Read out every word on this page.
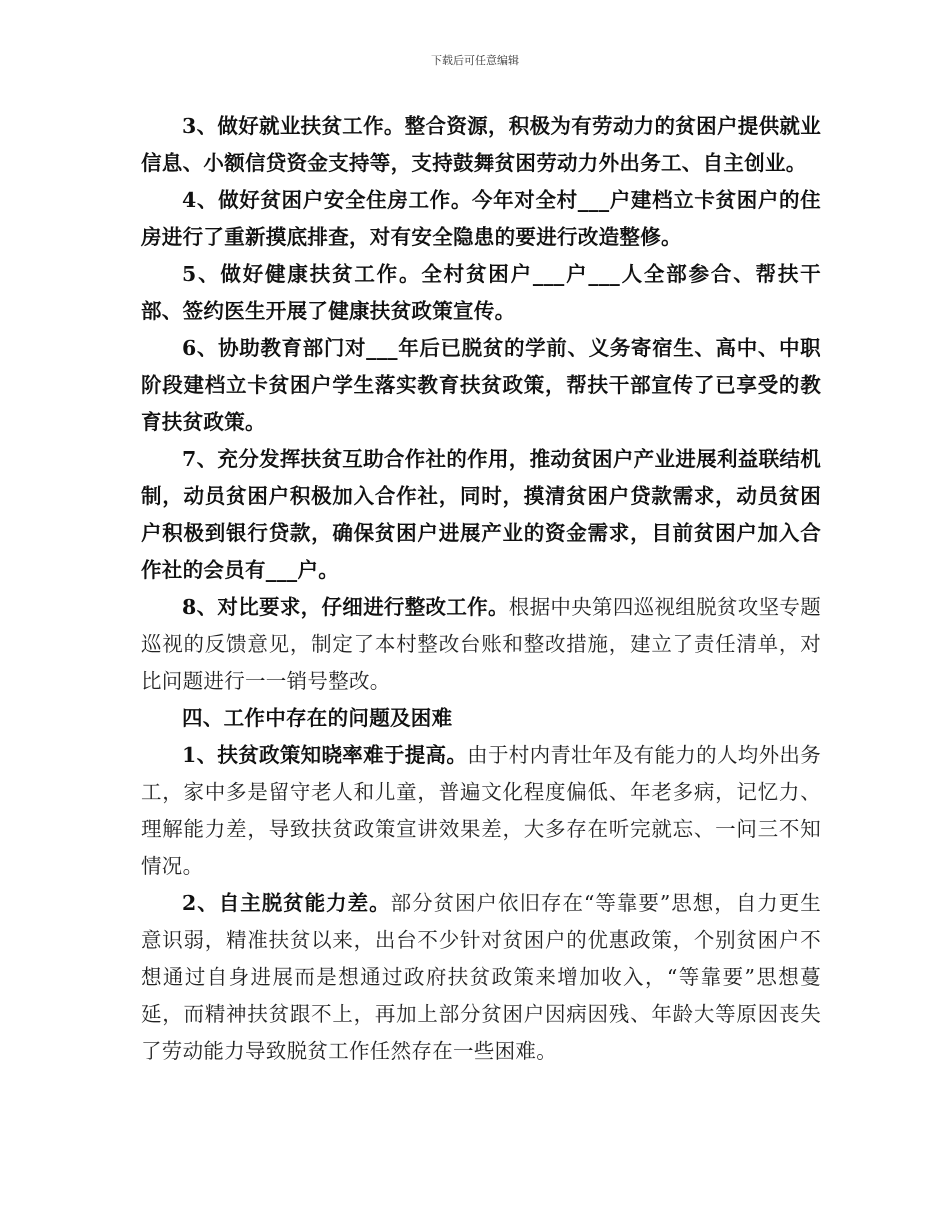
下载后可任意编辑

3、做好就业扶贫工作。整合资源，积极为有劳动力的贫困户提供就业信息、小额信贷资金支持等，支持鼓舞贫困劳动力外出务工、自主创业。

4、做好贫困户安全住房工作。今年对全村___户建档立卡贫困户的住房进行了重新摸底排查，对有安全隐患的要进行改造整修。

5、做好健康扶贫工作。全村贫困户___户___人全部参合、帮扶干部、签约医生开展了健康扶贫政策宣传。

6、协助教育部门对___年后已脱贫的学前、义务寄宿生、高中、中职阶段建档立卡贫困户学生落实教育扶贫政策，帮扶干部宣传了已享受的教育扶贫政策。

7、充分发挥扶贫互助合作社的作用，推动贫困户产业进展利益联结机制，动员贫困户积极加入合作社，同时，摸清贫困户贷款需求，动员贫困户积极到银行贷款，确保贫困户进展产业的资金需求，目前贫困户加入合作社的会员有___户。

8、对比要求，仔细进行整改工作。根据中央第四巡视组脱贫攻坚专题巡视的反馈意见，制定了本村整改台账和整改措施，建立了责任清单，对比问题进行一一销号整改。

四、工作中存在的问题及困难

1、扶贫政策知晓率难于提高。由于村内青壮年及有能力的人均外出务工，家中多是留守老人和儿童，普遍文化程度偏低、年老多病，记忆力、理解能力差，导致扶贫政策宣讲效果差，大多存在听完就忘、一问三不知情况。

2、自主脱贫能力差。部分贫困户依旧存在“等靠要”思想，自力更生意识弱，精准扶贫以来，出台不少针对贫困户的优惠政策，个别贫困户不想通过自身进展而是想通过政府扶贫政策来增加收入，“等靠要”思想蔓延，而精神扶贫跟不上，再加上部分贫困户因病因残、年龄大等原因丧失了劳动能力导致脱贫工作任然存在一些困难。
